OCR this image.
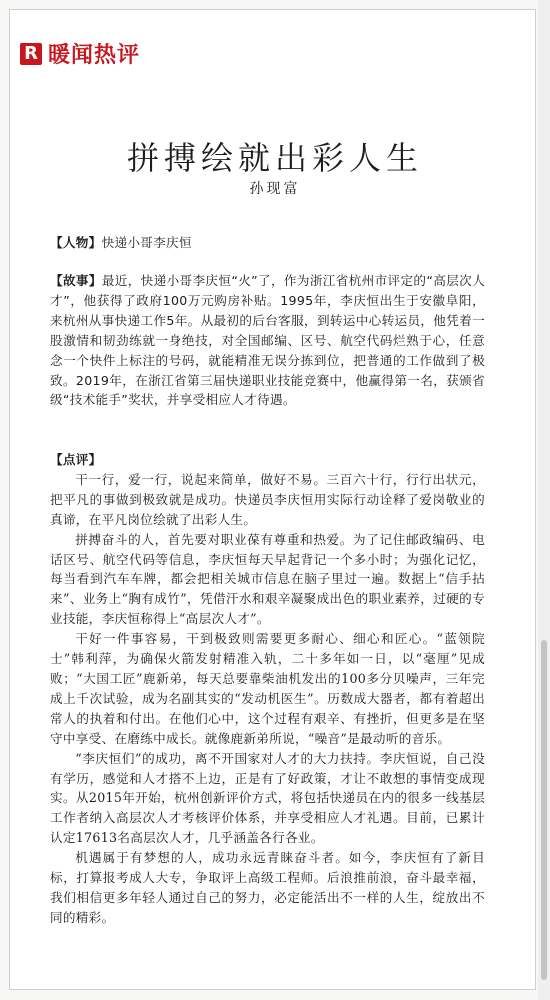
R 暖闻热评
拼搏绘就出彩人生
孙现富

【人物】快递小哥李庆恒

【故事】最近，快递小哥李庆恒“火”了，作为浙江省杭州市评定的“高层次人才”，他获得了政府100万元购房补贴。1995年，李庆恒出生于安徽阜阳，来杭州从事快递工作5年。从最初的后台客服，到转运中心转运员，他凭着一股激情和韧劲练就一身绝技，对全国邮编、区号、航空代码烂熟于心，任意念一个快件上标注的号码，就能精准无误分拣到位，把普通的工作做到了极致。2019年，在浙江省第三届快递职业技能竞赛中，他赢得第一名，获颁省级“技术能手”奖状，并享受相应人才待遇。

【点评】

干一行，爱一行，说起来简单，做好不易。三百六十行，行行出状元，把平凡的事做到极致就是成功。快递员李庆恒用实际行动诠释了爱岗敬业的真谛，在平凡岗位绘就了出彩人生。

拼搏奋斗的人，首先要对职业葆有尊重和热爱。为了记住邮政编码、电话区号、航空代码等信息，李庆恒每天早起背记一个多小时；为强化记忆，每当看到汽车车牌，都会把相关城市信息在脑子里过一遍。数据上“信手拈来”、业务上“胸有成竹”，凭借汗水和艰辛凝聚成出色的职业素养，过硬的专业技能，李庆恒称得上“高层次人才”。

干好一件事容易，干到极致则需要更多耐心、细心和匠心。“蓝领院士”韩利萍，为确保火箭发射精准入轨，二十多年如一日，以“毫厘”见成败；“大国工匠”鹿新弟，每天总要靠柴油机发出的100多分贝噪声，三年完成上千次试验，成为名副其实的“发动机医生”。历数成大器者，都有着超出常人的执着和付出。在他们心中，这个过程有艰辛、有挫折，但更多是在坚守中享受、在磨练中成长。就像鹿新弟所说，“噪音”是最动听的音乐。

“李庆恒们”的成功，离不开国家对人才的大力扶持。李庆恒说，自己没有学历，感觉和人才搭不上边，正是有了好政策，才让不敢想的事情变成现实。从2015年开始，杭州创新评价方式，将包括快递员在内的很多一线基层工作者纳入高层次人才考核评价体系，并享受相应人才礼遇。目前，已累计认定17613名高层次人才，几乎涵盖各行各业。

机遇属于有梦想的人，成功永远青睐奋斗者。如今，李庆恒有了新目标，打算报考成人大专，争取评上高级工程师。后浪推前浪，奋斗最幸福，我们相信更多年轻人通过自己的努力，必定能活出不一样的人生，绽放出不同的精彩。
